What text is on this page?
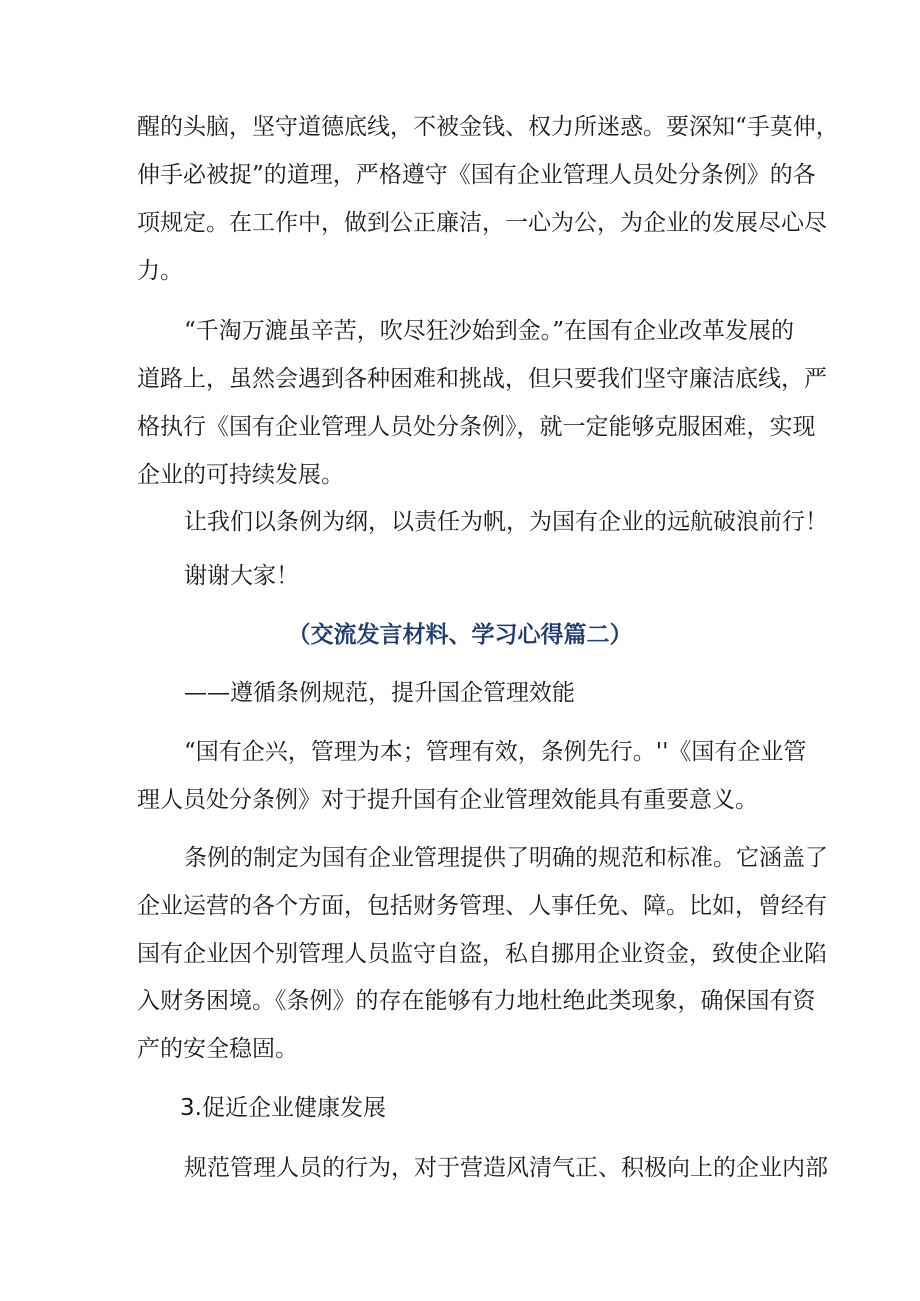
醒的头脑，坚守道德底线，不被金钱、权力所迷惑。要深知“手莫伸，
伸手必被捉”的道理，严格遵守《国有企业管理人员处分条例》的各
项规定。在工作中，做到公正廉洁，一心为公，为企业的发展尽心尽
力。
“千淘万漉虽辛苦，吹尽狂沙始到金。”在国有企业改革发展的
道路上，虽然会遇到各种困难和挑战，但只要我们坚守廉洁底线，严
格执行《国有企业管理人员处分条例》，就一定能够克服困难，实现
企业的可持续发展。
让我们以条例为纲，以责任为帆，为国有企业的远航破浪前行！
谢谢大家！
（交流发言材料、学习心得篇二）
——遵循条例规范，提升国企管理效能
“国有企兴，管理为本；管理有效，条例先行。''《国有企业管
理人员处分条例》对于提升国有企业管理效能具有重要意义。
条例的制定为国有企业管理提供了明确的规范和标准。它涵盖了
企业运营的各个方面，包括财务管理、人事任免、障。比如，曾经有
国有企业因个别管理人员监守自盗，私自挪用企业资金，致使企业陷
入财务困境。《条例》的存在能够有力地杜绝此类现象，确保国有资
产的安全稳固。
3.促近企业健康发展
规范管理人员的行为，对于营造风清气正、积极向上的企业内部
